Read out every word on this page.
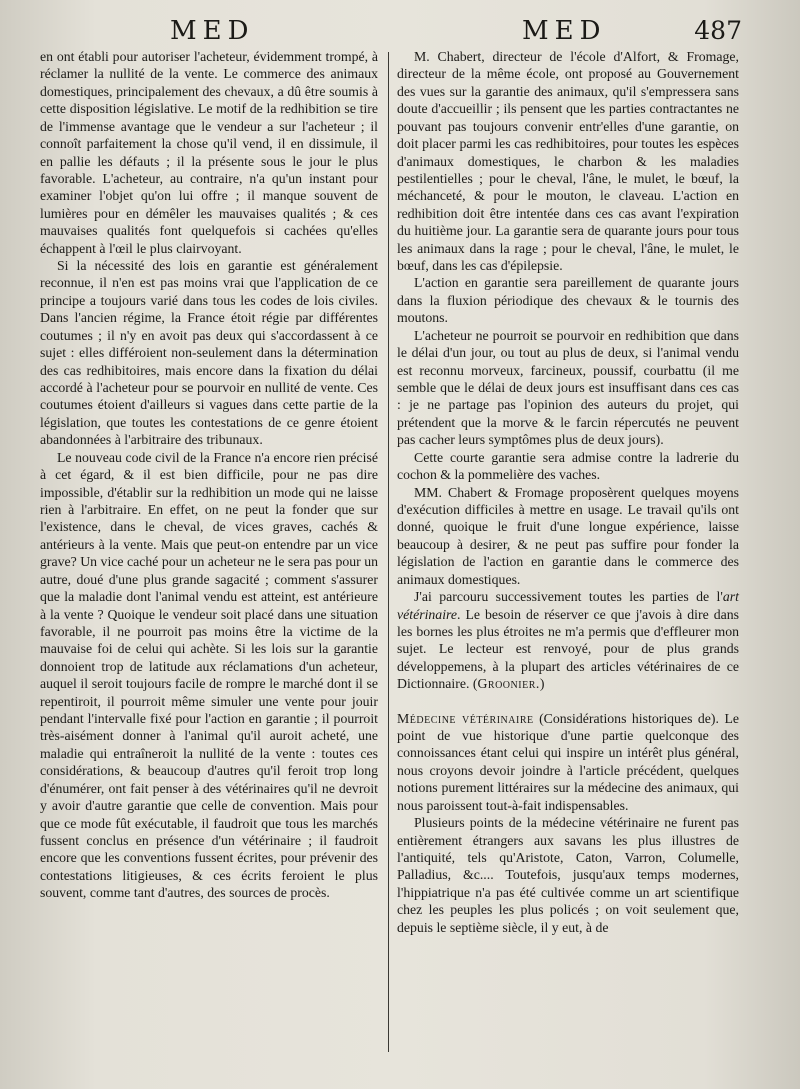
MED	MED	487

en ont établi pour autoriser l'acheteur, évidemment trompé, à réclamer la nullité de la vente. Le commerce des animaux domestiques, principalement des chevaux, a dû être soumis à cette disposition législative. Le motif de la redhibition se tire de l'immense avantage que le vendeur a sur l'acheteur ; il connoît parfaitement la chose qu'il vend, il en dissimule, il en pallie les défauts ; il la présente sous le jour le plus favorable. L'acheteur, au contraire, n'a qu'un instant pour examiner l'objet qu'on lui offre ; il manque souvent de lumières pour en démêler les mauvaises qualités ; & ces mauvaises qualités font quelquefois si cachées qu'elles échappent à l'œil le plus clairvoyant.

Si la nécessité des lois en garantie est généralement reconnue, il n'en est pas moins vrai que l'application de ce principe a toujours varié dans tous les codes de lois civiles. Dans l'ancien régime, la France étoit régie par différentes coutumes ; il n'y en avoit pas deux qui s'accordassent à ce sujet : elles différoient non-seulement dans la détermination des cas redhibitoires, mais encore dans la fixation du délai accordé à l'acheteur pour se pourvoir en nullité de vente. Ces coutumes étoient d'ailleurs si vagues dans cette partie de la législation, que toutes les contestations de ce genre étoient abandonnées à l'arbitraire des tribunaux.

Le nouveau code civil de la France n'a encore rien précisé à cet égard, & il est bien difficile, pour ne pas dire impossible, d'établir sur la redhibition un mode qui ne laisse rien à l'arbitraire. En effet, on ne peut la fonder que sur l'existence, dans le cheval, de vices graves, cachés & antérieurs à la vente. Mais que peut-on entendre par un vice grave? Un vice caché pour un acheteur ne le sera pas pour un autre, doué d'une plus grande sagacité ; comment s'assurer que la maladie dont l'animal vendu est atteint, est antérieure à la vente ? Quoique le vendeur soit placé dans une situation favorable, il ne pourroit pas moins être la victime de la mauvaise foi de celui qui achète. Si les lois sur la garantie donnoient trop de latitude aux réclamations d'un acheteur, auquel il seroit toujours facile de rompre le marché dont il se repentiroit, il pourroit même simuler une vente pour jouir pendant l'intervalle fixé pour l'action en garantie ; il pourroit très-aisément donner à l'animal qu'il auroit acheté, une maladie qui entraîneroit la nullité de la vente : toutes ces considérations, & beaucoup d'autres qu'il feroit trop long d'énumérer, ont fait penser à des vétérinaires qu'il ne devroit y avoir d'autre garantie que celle de convention. Mais pour que ce mode fût exécutable, il faudroit que tous les marchés fussent conclus en présence d'un vétérinaire ; il faudroit encore que les conventions fussent écrites, pour prévenir des contestations litigieuses, & ces écrits feroient le plus souvent, comme tant d'autres, des sources de procès.

M. Chabert, directeur de l'école d'Alfort, & Fromage, directeur de la même école, ont proposé au Gouvernement des vues sur la garantie des animaux, qu'il s'empressera sans doute d'accueillir ; ils pensent que les parties contractantes ne pouvant pas toujours convenir entr'elles d'une garantie, on doit placer parmi les cas redhibitoires, pour toutes les espèces d'animaux domestiques, le charbon & les maladies pestilentielles ; pour le cheval, l'âne, le mulet, le bœuf, la méchanceté, & pour le mouton, le claveau. L'action en redhibition doit être intentée dans ces cas avant l'expiration du huitième jour. La garantie sera de quarante jours pour tous les animaux dans la rage ; pour le cheval, l'âne, le mulet, le bœuf, dans les cas d'épilepsie.

L'action en garantie sera pareillement de quarante jours dans la fluxion périodique des chevaux & le tournis des moutons.

L'acheteur ne pourroit se pourvoir en redhibition que dans le délai d'un jour, ou tout au plus de deux, si l'animal vendu est reconnu morveux, farcineux, poussif, courbattu (il me semble que le délai de deux jours est insuffisant dans ces cas : je ne partage pas l'opinion des auteurs du projet, qui prétendent que la morve & le farcin répercutés ne peuvent pas cacher leurs symptômes plus de deux jours).

Cette courte garantie sera admise contre la ladrerie du cochon & la pommelière des vaches.

MM. Chabert & Fromage proposèrent quelques moyens d'exécution difficiles à mettre en usage. Le travail qu'ils ont donné, quoique le fruit d'une longue expérience, laisse beaucoup à desirer, & ne peut pas suffire pour fonder la législation de l'action en garantie dans le commerce des animaux domestiques.

J'ai parcouru successivement toutes les parties de l'art vétérinaire. Le besoin de réserver ce que j'avois à dire dans les bornes les plus étroites ne m'a permis que d'effleurer mon sujet. Le lecteur est renvoyé, pour de plus grands développemens, à la plupart des articles vétérinaires de ce Dictionnaire. (Groonier.)

Médecine vétérinaire (Considérations historiques de). Le point de vue historique d'une partie quelconque des connoissances étant celui qui inspire un intérêt plus général, nous croyons devoir joindre à l'article précédent, quelques notions purement littéraires sur la médecine des animaux, qui nous paroissent tout-à-fait indispensables.

Plusieurs points de la médecine vétérinaire ne furent pas entièrement étrangers aux savans les plus illustres de l'antiquité, tels qu'Aristote, Caton, Varron, Columelle, Palladius, &c.... Toutefois, jusqu'aux temps modernes, l'hippiatrique n'a pas été cultivée comme un art scientifique chez les peuples les plus policés ; on voit seulement que, depuis le septième siècle, il y eut, à de
